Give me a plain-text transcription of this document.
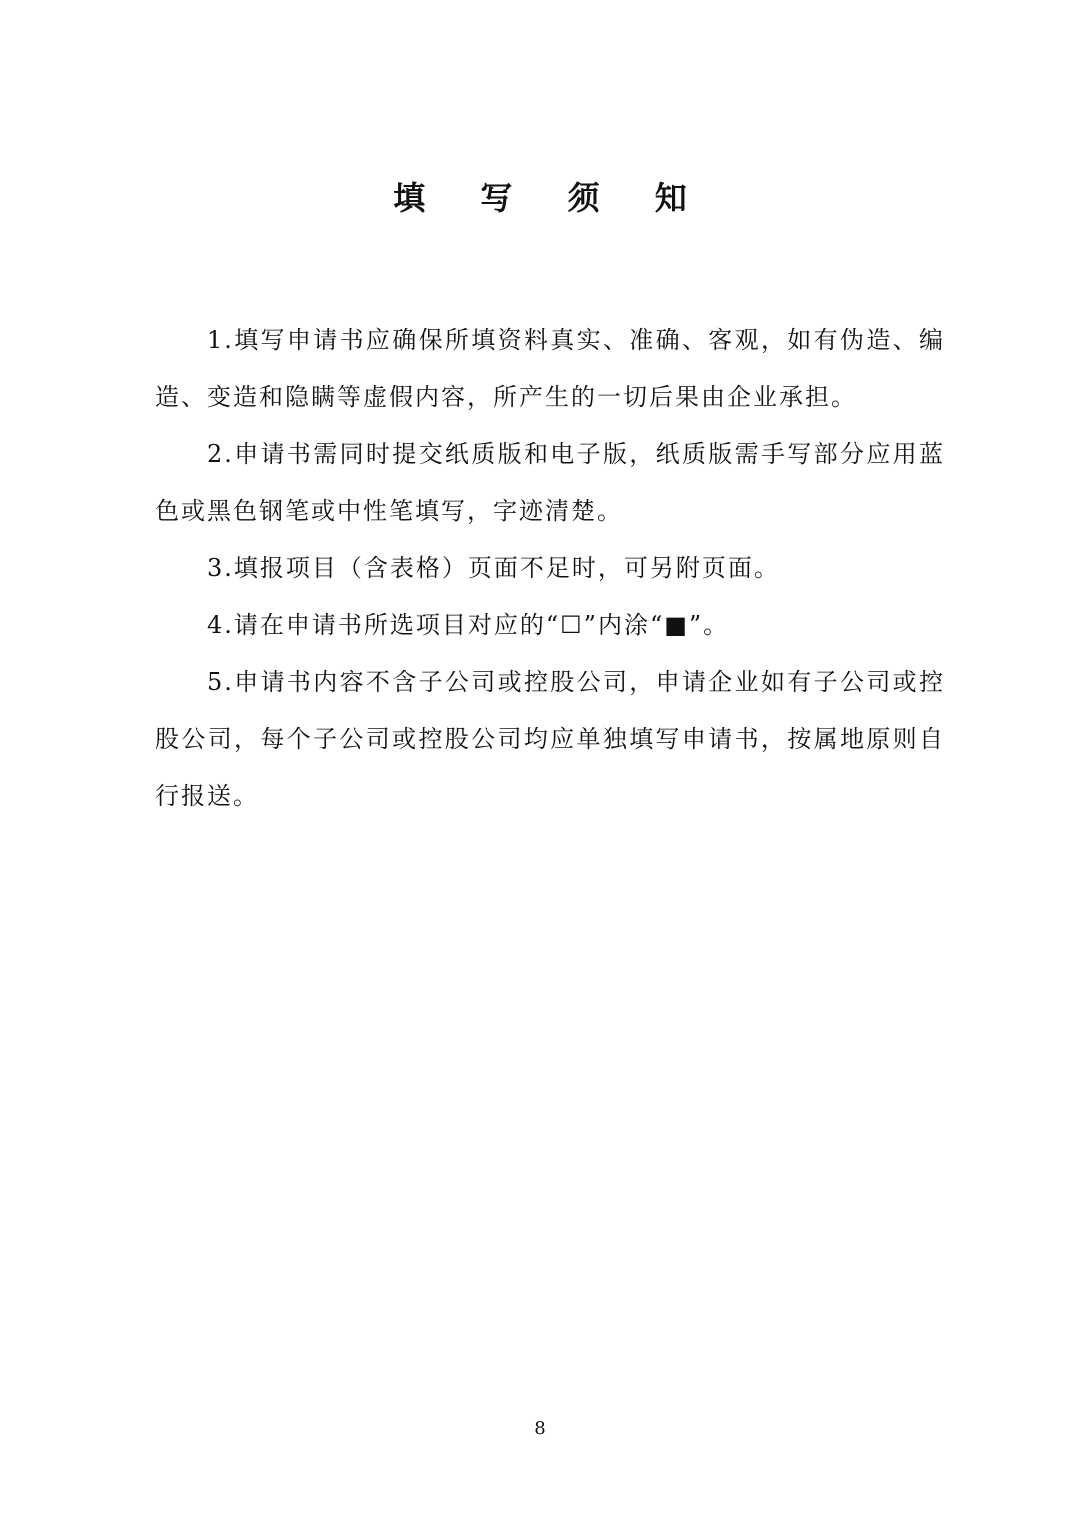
填 写 须 知

1.填写申请书应确保所填资料真实、准确、客观，如有伪造、编造、变造和隐瞒等虚假内容，所产生的一切后果由企业承担。

2.申请书需同时提交纸质版和电子版，纸质版需手写部分应用蓝色或黑色钢笔或中性笔填写，字迹清楚。

3.填报项目（含表格）页面不足时，可另附页面。

4.请在申请书所选项目对应的“☐”内涂“■”。

5.申请书内容不含子公司或控股公司，申请企业如有子公司或控股公司，每个子公司或控股公司均应单独填写申请书，按属地原则自行报送。

8
